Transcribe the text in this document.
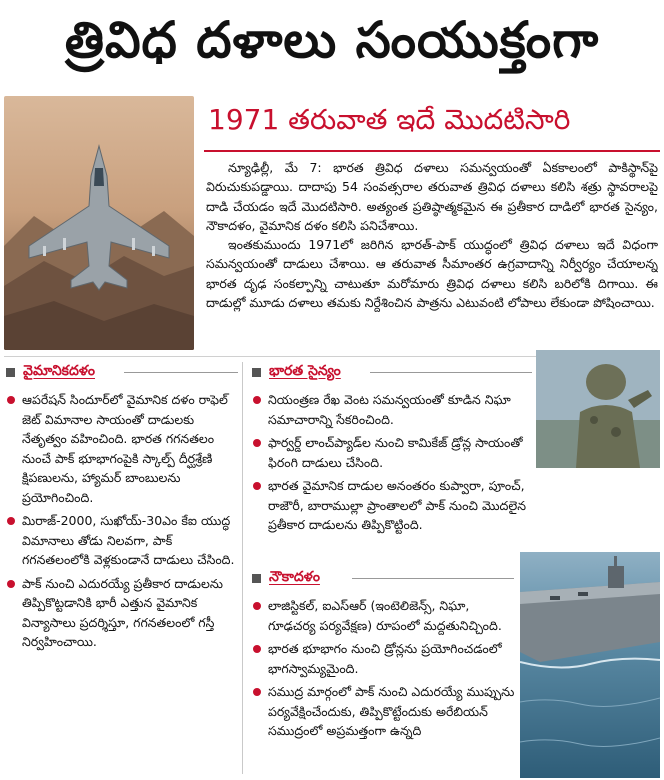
త్రివిధ దళాలు సంయుక్తంగా
1971 తరువాత ఇదే మొదటిసారి

న్యూఢిల్లీ, మే 7: భారత త్రివిధ దళాలు సమన్వయంతో ఏకకాలంలో పాకిస్థాన్‌పై విరుచుకుపడ్డాయి. దాదాపు 54 సంవత్సరాల తరువాత త్రివిధ దళాలు కలిసి శత్రు స్థావరాలపై దాడి చేయడం ఇదే మొదటిసారి. అత్యంత ప్రతిష్ఠాత్మకమైన ఈ ప్రతీకార దాడిలో భారత సైన్యం, నౌకాదళం, వైమానిక దళం కలిసి పనిచేశాయి.

ఇంతకుముందు 1971లో జరిగిన భారత్-పాక్ యుద్ధంలో త్రివిధ దళాలు ఇదే విధంగా సమన్వయంతో దాడులు చేశాయి. ఆ తరువాత సీమాంతర ఉగ్రవాదాన్ని నిర్వీర్యం చేయాలన్న భారత దృఢ సంకల్పాన్ని చాటుతూ మరోమారు త్రివిధ దళాలు కలిసి బరిలోకి దిగాయి. ఈ దాడుల్లో మూడు దళాలు తమకు నిర్దేశించిన పాత్రను ఎటువంటి లోపాలు లేకుండా పోషించాయి.

వైమానికదళం
ఆపరేషన్ సిందూర్‌లో వైమానిక దళం రాఫెల్ జెట్ విమానాల సాయంతో దాడులకు నేతృత్వం వహించింది. భారత గగనతలం నుంచే పాక్ భూభాగంపైకి స్కాల్ప్ దీర్ఘశ్రేణి క్షిపణులను, హ్యామర్ బాంబులను ప్రయోగించింది.
మిరాజ్-2000, సుఖోయ్-30ఎం కేఐ యుద్ధ విమానాలు తోడు నిలవగా, పాక్ గగనతలంలోకి వెళ్లకుండానే దాడులు చేసింది.
పాక్ నుంచి ఎదురయ్యే ప్రతీకార దాడులను తిప్పికొట్టడానికి భారీ ఎత్తున వైమానిక విన్యాసాలు ప్రదర్శిస్తూ, గగనతలంలో గస్తీ నిర్వహించాయి.
భారత సైన్యం
నియంత్రణ రేఖ వెంట సమన్వయంతో కూడిన నిఘా సమాచారాన్ని సేకరించింది.
ఫార్వర్డ్ లాంచ్‌ప్యాడ్‌ల నుంచి కామికేజ్ డ్రోన్ల సాయంతో ఫిరంగి దాడులు చేసింది.
భారత వైమానిక దాడుల అనంతరం కుప్వారా, పూంచ్, రాజౌరీ, బారాముల్లా ప్రాంతాలలో పాక్ నుంచి మొదలైన ప్రతీకార దాడులను తిప్పికొట్టింది.
నౌకాదళం
లాజిస్టికల్, ఐఎస్ఆర్ (ఇంటెలిజెన్స్, నిఘా, గూఢచర్య పర్యవేక్షణ) రూపంలో మద్దతునిచ్చింది.
భారత భూభాగం నుంచి డ్రోన్లను ప్రయోగించడంలో భాగస్వామ్యమైంది.
సముద్ర మార్గంలో పాక్ నుంచి ఎదురయ్యే ముప్పును పర్యవేక్షించేందుకు, తిప్పికొట్టేందుకు అరేబియన్ సముద్రంలో అప్రమత్తంగా ఉన్నది
